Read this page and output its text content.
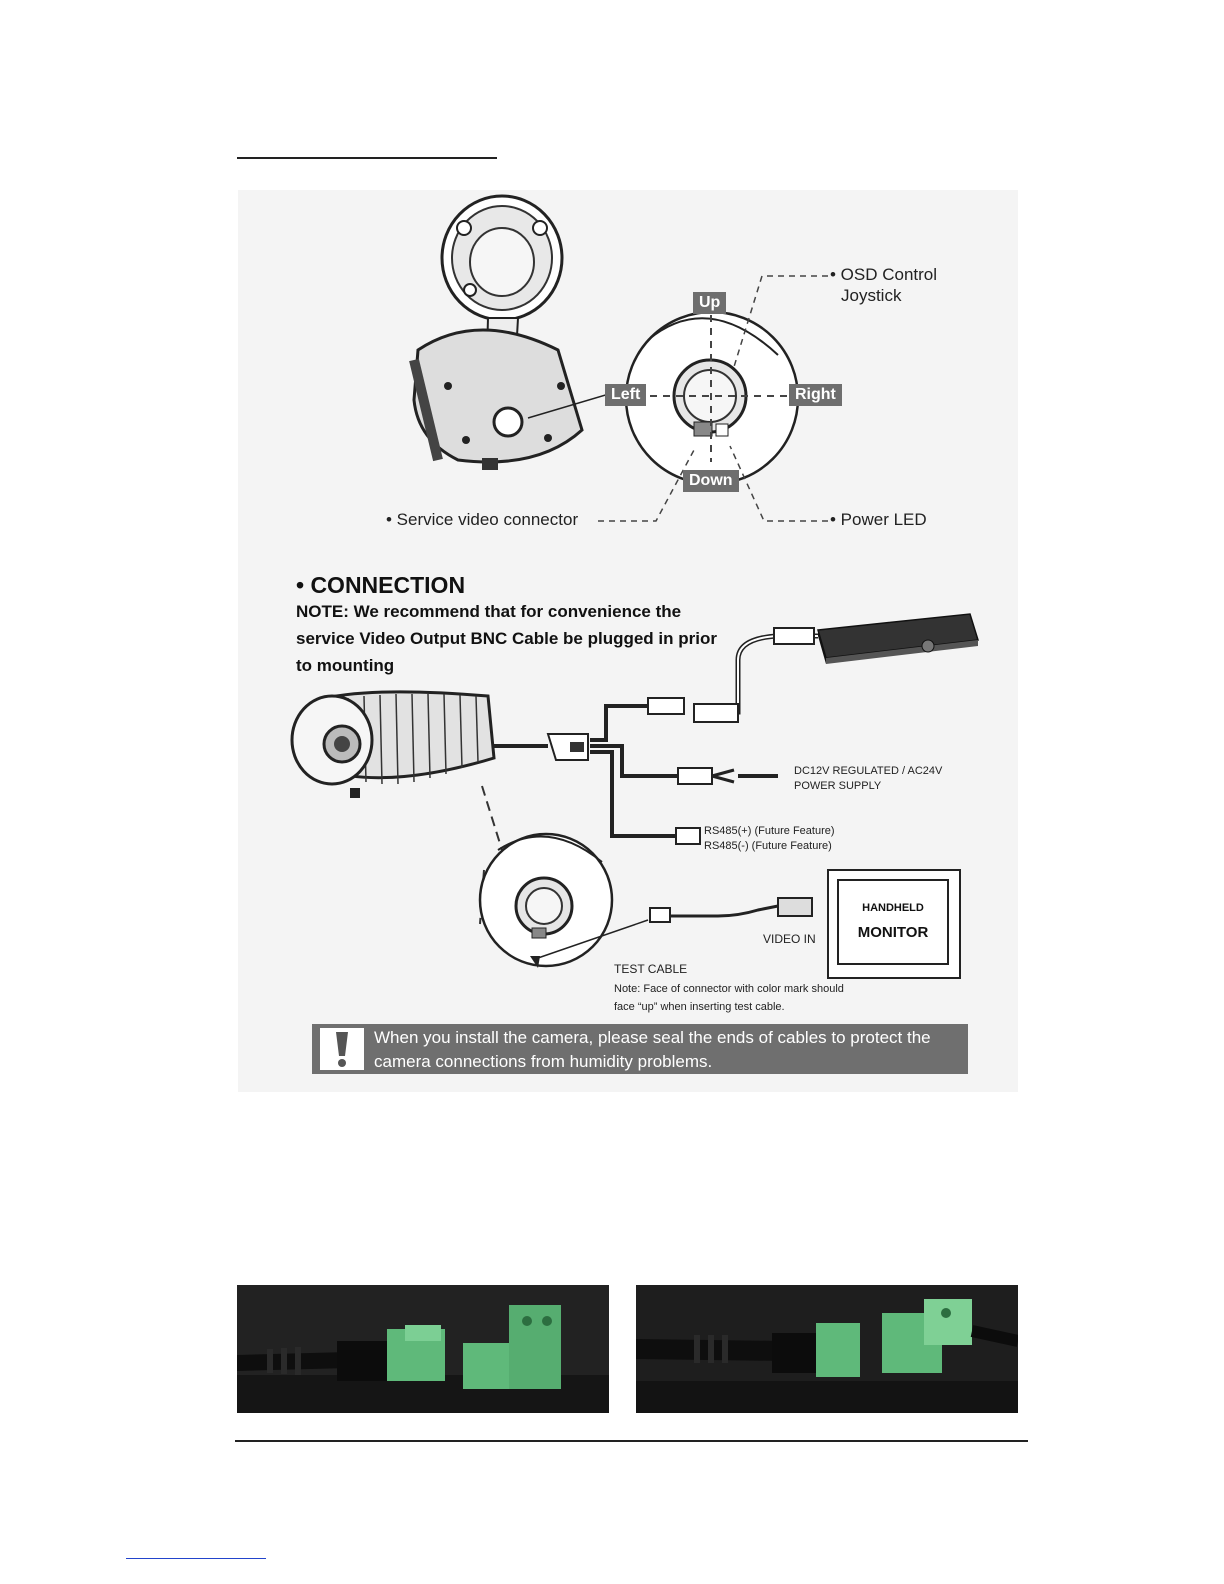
• OSD Control
Joystick
Up
Left	Right
Down
• Service video connector	• Power LED
• CONNECTION
NOTE: We recommend that for convenience the service Video Output BNC Cable be plugged in prior to mounting
DC12V REGULATED / AC24V
POWER SUPPLY
RS485(+) (Future Feature)
RS485(-) (Future Feature)
VIDEO IN
HANDHELD
MONITOR
TEST CABLE
Note: Face of connector with color mark should
face “up” when inserting test cable.
When you install the camera, please seal the ends of cables to protect the camera connections from humidity problems.
